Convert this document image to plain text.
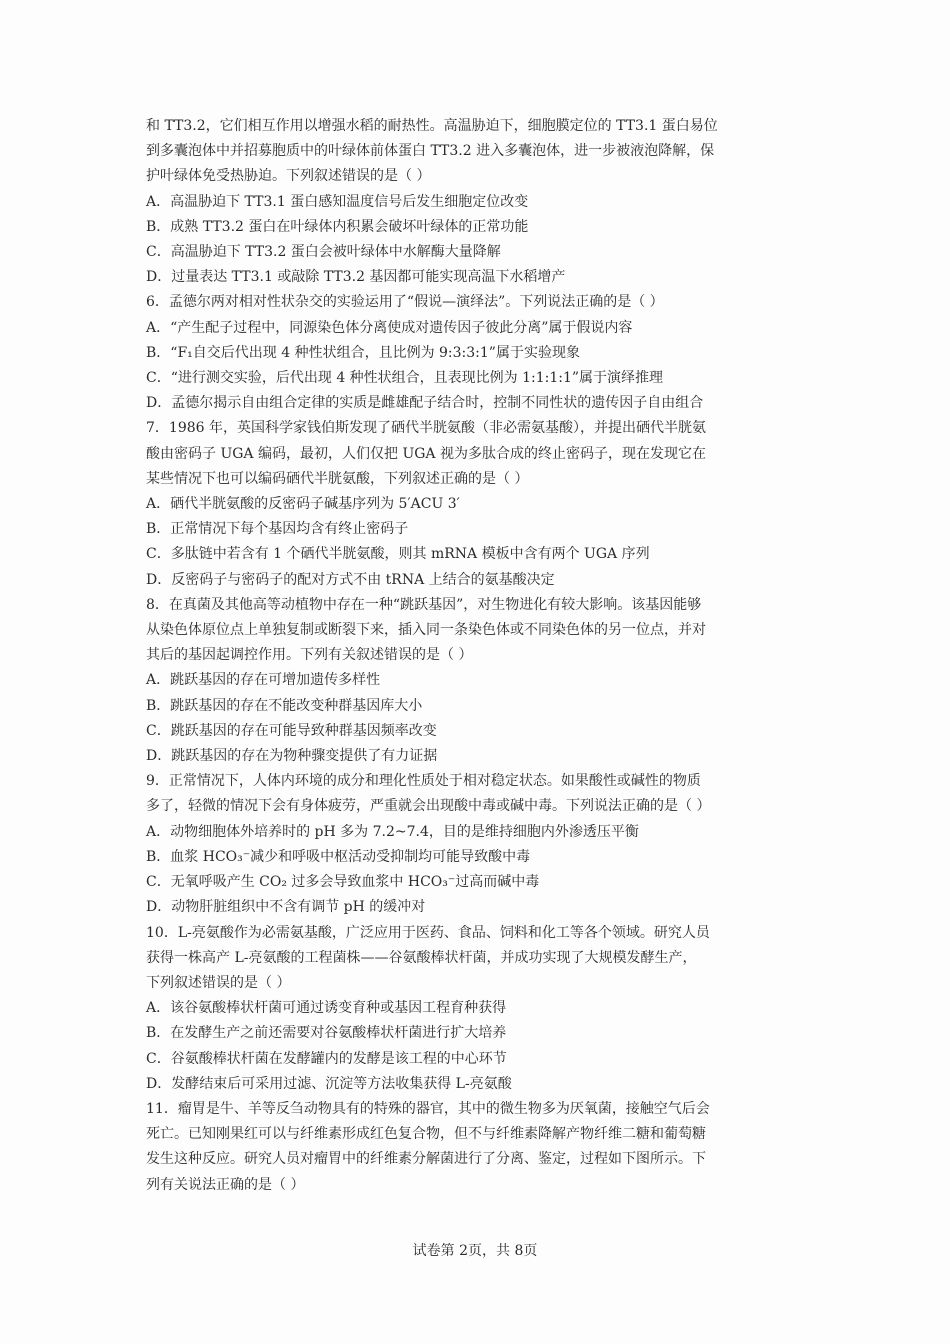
和 TT3.2，它们相互作用以增强水稻的耐热性。高温胁迫下，细胞膜定位的 TT3.1 蛋白易位

到多囊泡体中并招募胞质中的叶绿体前体蛋白 TT3.2 进入多囊泡体，进一步被液泡降解，保

护叶绿体免受热胁迫。下列叙述错误的是（ ）

A．高温胁迫下 TT3.1 蛋白感知温度信号后发生细胞定位改变

B．成熟 TT3.2 蛋白在叶绿体内积累会破坏叶绿体的正常功能

C．高温胁迫下 TT3.2 蛋白会被叶绿体中水解酶大量降解

D．过量表达 TT3.1 或敲除 TT3.2 基因都可能实现高温下水稻增产

6．孟德尔两对相对性状杂交的实验运用了“假说—演绎法”。下列说法正确的是（ ）

A．“产生配子过程中，同源染色体分离使成对遗传因子彼此分离”属于假说内容

B．“F₁自交后代出现 4 种性状组合，且比例为 9:3:3:1”属于实验现象

C．“进行测交实验，后代出现 4 种性状组合，且表现比例为 1:1:1:1”属于演绎推理

D．孟德尔揭示自由组合定律的实质是雌雄配子结合时，控制不同性状的遗传因子自由组合

7．1986 年，英国科学家钱伯斯发现了硒代半胱氨酸（非必需氨基酸），并提出硒代半胱氨

酸由密码子 UGA 编码，最初，人们仅把 UGA 视为多肽合成的终止密码子，现在发现它在

某些情况下也可以编码硒代半胱氨酸，下列叙述正确的是（ ）

A．硒代半胱氨酸的反密码子碱基序列为 5′ACU 3′

B．正常情况下每个基因均含有终止密码子

C．多肽链中若含有 1 个硒代半胱氨酸，则其 mRNA 模板中含有两个 UGA 序列

D．反密码子与密码子的配对方式不由 tRNA 上结合的氨基酸决定

8．在真菌及其他高等动植物中存在一种“跳跃基因”，对生物进化有较大影响。该基因能够

从染色体原位点上单独复制或断裂下来，插入同一条染色体或不同染色体的另一位点，并对

其后的基因起调控作用。下列有关叙述错误的是（ ）

A．跳跃基因的存在可增加遗传多样性

B．跳跃基因的存在不能改变种群基因库大小

C．跳跃基因的存在可能导致种群基因频率改变

D．跳跃基因的存在为物种骤变提供了有力证据

9．正常情况下，人体内环境的成分和理化性质处于相对稳定状态。如果酸性或碱性的物质

多了，轻微的情况下会有身体疲劳，严重就会出现酸中毒或碱中毒。下列说法正确的是（ ）

A．动物细胞体外培养时的 pH 多为 7.2~7.4，目的是维持细胞内外渗透压平衡

B．血浆 HCO₃⁻减少和呼吸中枢活动受抑制均可能导致酸中毒

C．无氧呼吸产生 CO₂ 过多会导致血浆中 HCO₃⁻过高而碱中毒

D．动物肝脏组织中不含有调节 pH 的缓冲对

10．L-亮氨酸作为必需氨基酸，广泛应用于医药、食品、饲料和化工等各个领域。研究人员

获得一株高产 L-亮氨酸的工程菌株——谷氨酸棒状杆菌，并成功实现了大规模发酵生产，

下列叙述错误的是（ ）

A．该谷氨酸棒状杆菌可通过诱变育种或基因工程育种获得

B．在发酵生产之前还需要对谷氨酸棒状杆菌进行扩大培养

C．谷氨酸棒状杆菌在发酵罐内的发酵是该工程的中心环节

D．发酵结束后可采用过滤、沉淀等方法收集获得 L-亮氨酸

11．瘤胃是牛、羊等反刍动物具有的特殊的器官，其中的微生物多为厌氧菌，接触空气后会

死亡。已知刚果红可以与纤维素形成红色复合物，但不与纤维素降解产物纤维二糖和葡萄糖

发生这种反应。研究人员对瘤胃中的纤维素分解菌进行了分离、鉴定，过程如下图所示。下

列有关说法正确的是（ ）

试卷第 2页，共 8页
